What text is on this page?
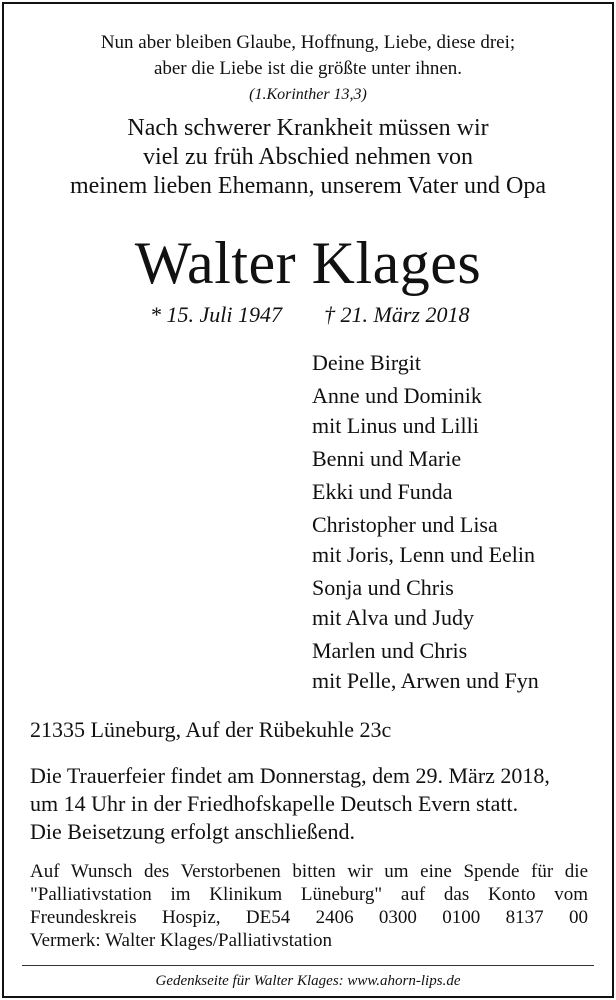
Nun aber bleiben Glaube, Hoffnung, Liebe, diese drei;
aber die Liebe ist die größte unter ihnen.
(1.Korinther 13,3)
Nach schwerer Krankheit müssen wir
viel zu früh Abschied nehmen von
meinem lieben Ehemann, unserem Vater und Opa
Walter Klages
* 15. Juli 1947 † 21. März 2018
Deine Birgit
Anne und Dominik
mit Linus und Lilli
Benni und Marie
Ekki und Funda
Christopher und Lisa
mit Joris, Lenn und Eelin
Sonja und Chris
mit Alva und Judy
Marlen und Chris
mit Pelle, Arwen und Fyn
21335 Lüneburg, Auf der Rübekuhle 23c
Die Trauerfeier findet am Donnerstag, dem 29. März 2018,
um 14 Uhr in der Friedhofskapelle Deutsch Evern statt.
Die Beisetzung erfolgt anschließend.
Auf Wunsch des Verstorbenen bitten wir um eine Spende für die
"Palliativstation im Klinikum Lüneburg" auf das Konto vom
Freundeskreis Hospiz, DE54 2406 0300 0100 8137 00
Vermerk: Walter Klages/Palliativstation
Gedenkseite für Walter Klages: www.ahorn-lips.de
